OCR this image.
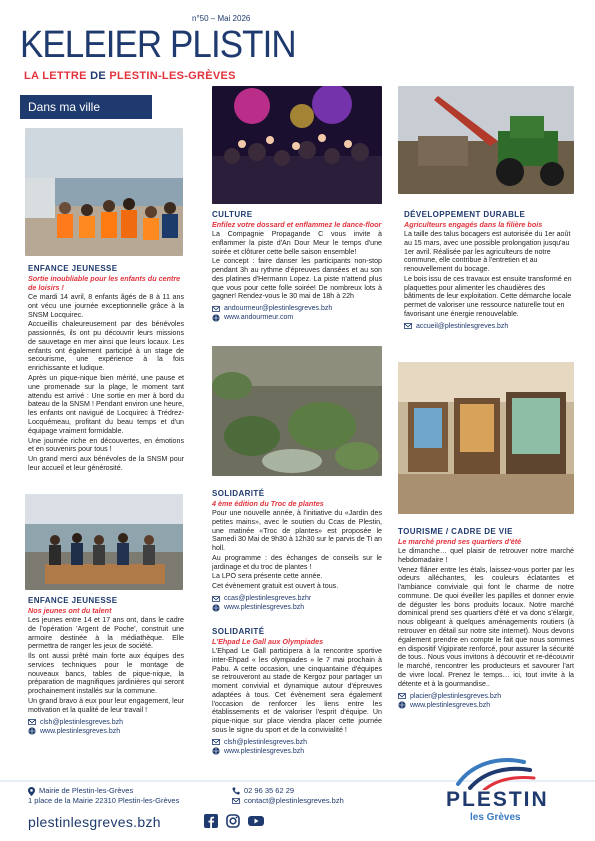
n°50 – Mai 2026
KELEIER PLISTIN
LA LETTRE DE PLESTIN-LES-GRÈVES
Dans ma ville
ENFANCE JEUNESSE
Sortie inoubliable pour les enfants du centre de loisirs !

Ce mardi 14 avril, 8 enfants âgés de 8 à 11 ans ont vécu une journée exceptionnelle grâce à la SNSM Locquirec.

Accueillis chaleureusement par des bénévoles passionnés, ils ont pu découvrir leurs missions de sauvetage en mer ainsi que leurs locaux. Les enfants ont également participé à un stage de secourisme, une expérience à la fois enrichissante et ludique.

Après un pique-nique bien mérité, une pause et une promenade sur la plage, le moment tant attendu est arrivé : Une sortie en mer à bord du bateau de la SNSM ! Pendant environ une heure, les enfants ont navigué de Locquirec à Trédrez-Locquémeau, profitant du beau temps et d'un équipage vraiment formidable.

Une journée riche en découvertes, en émotions et en souvenirs pour tous !

Un grand merci aux bénévoles de la SNSM pour leur accueil et leur générosité.

ENFANCE JEUNESSE
Nos jeunes ont du talent

Les jeunes entre 14 et 17 ans ont, dans le cadre de l'opération 'Argent de Poche', construit une armoire destinée à la médiathèque. Elle permettra de ranger les jeux de société.

Ils ont aussi prêté main forte aux équipes des services techniques pour le montage de nouveaux bancs, tables de pique-nique, la préparation de magnifiques jardinières qui seront prochainement installés sur la commune.

Un grand bravo à eux pour leur engagement, leur motivation et la qualité de leur travail !

clsh@plestinlesgreves.bzh
www.plestinlesgreves.bzh
CULTURE
Enfilez votre dossard et enflammez le dance-floor

La Compagnie Propagande C vous invite à enflammer la piste d'An Dour Meur le temps d'une soirée et clôturer cette belle saison ensemble!

Le concept : faire danser les participants non-stop pendant 3h au rythme d'épreuves dansées et au son des platines d'Hermann Lopez. La piste n'attend plus que vous pour cette folle soirée! De nombreux lots à gagner! Rendez-vous le 30 mai de 18h à 22h

andourmeur@plestinlesgreves.bzh
www.andourmeur.com
SOLIDARITÉ
4 ème édition du Troc de plantes

Pour une nouvelle année, à l'initiative du «Jardin des petites mains», avec le soutien du Ccas de Plestin, une matinée «Troc de plantes» est proposée le Samedi 30 Mai de 9h30 à 12h30 sur le parvis de Ti an holl.

Au programme : des échanges de conseils sur le jardinage et du troc de plantes !

La LPO sera présente cette année.

Cet évènement gratuit est ouvert à tous.

ccas@plestinlesgreves.bzhr
www.plestinlesgreves.bzh
SOLIDARITÉ
L'Ehpad Le Gall aux Olympiades

L'Ehpad Le Gall participera à la rencontre sportive inter-Ehpad « les olympiades » le 7 mai prochain à Pabu. A cette occasion, une cinquantaine d'équipes se retrouveront au stade de Kergoz pour partager un moment convivial et dynamique autour d'épreuves adaptées à tous. Cet évènement sera également l'occasion de renforcer les liens entre les établissements et de valoriser l'esprit d'équipe. Un pique-nique sur place viendra placer cette journée sous le signe du sport et de la convivialité !

clsh@plestinlesgreves.bzh
www.plestinlesgreves.bzh
DÉVELOPPEMENT DURABLE
Agriculteurs engagés dans la filière bois

La taille des talus bocagers est autorisée du 1er août au 15 mars, avec une possible prolongation jusqu'au 1er avril. Réalisée par les agriculteurs de notre commune, elle contribue à l'entretien et au renouvellement du bocage.

Le bois issu de ces travaux est ensuite transformé en plaquettes pour alimenter les chaudières des bâtiments de leur exploitation. Cette démarche locale permet de valoriser une ressource naturelle tout en favorisant une énergie renouvelable.

accueil@plestinlesgreves.bzh
TOURISME / CADRE DE VIE
Le marché prend ses quartiers d'été

Le dimanche… quel plaisir de retrouver notre marché hebdomadaire !

Venez flâner entre les étals, laissez-vous porter par les odeurs alléchantes, les couleurs éclatantes et l'ambiance conviviale qui font le charme de notre commune. De quoi éveiller les papilles et donner envie de déguster les bons produits locaux. Notre marché dominical prend ses quartiers d'été et va donc s'élargir, nous obligeant à quelques aménagements routiers (à retrouver en détail sur notre site internet). Nous devons également prendre en compte le fait que nous sommes en dispositif Vigipirate renforcé, pour assurer la sécurité de tous.. Nous vous invitons à découvrir et re-découvrir le marché, rencontrer les producteurs et savourer l'art de vivre local. Prenez le temps… ici, tout invite à la détente et à la gourmandise..

placier@plestinlesgreves.bzh
www.plestinlesgreves.bzh
Mairie de Plestin-les-Grèves
1 place de la Mairie 22310 Plestin-les-Grèves
02 96 35 62 29
contact@plestinlesgreves.bzh
plestinlesgreves.bzh
PLESTIN
les Grèves
